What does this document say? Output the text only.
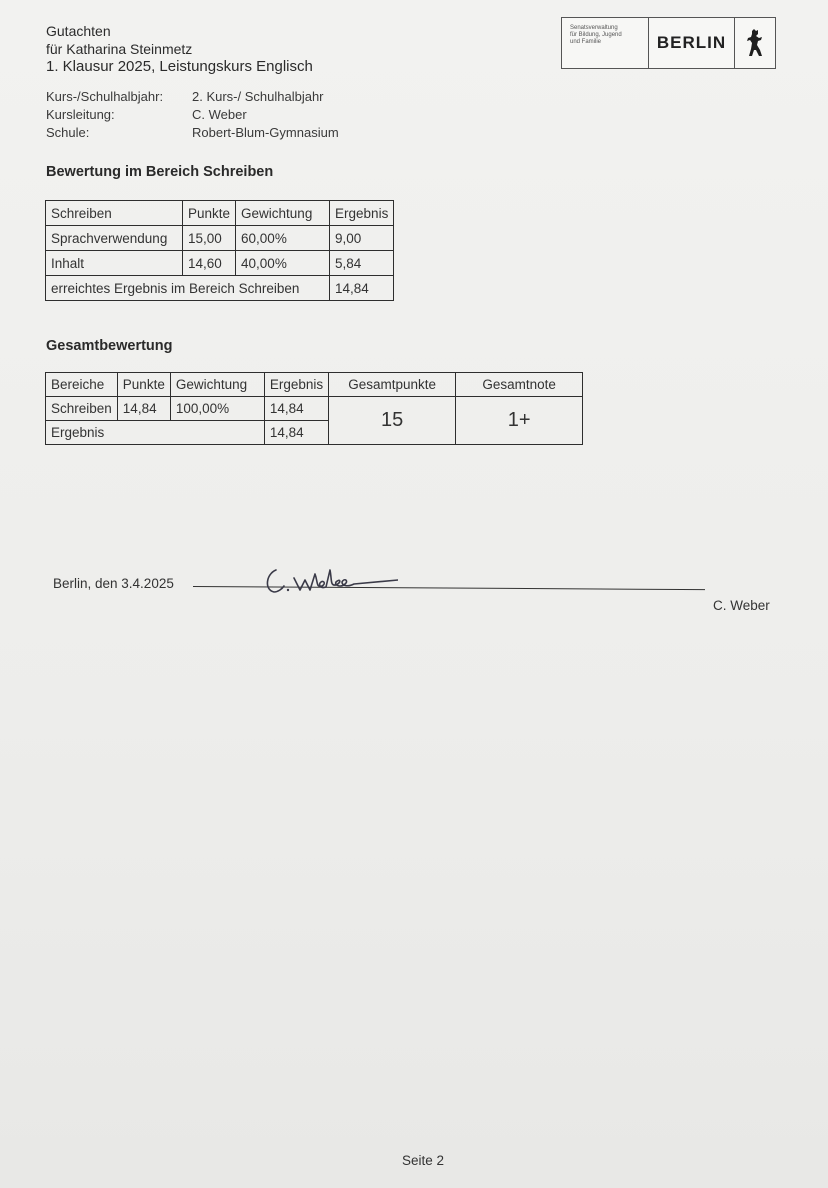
Gutachten
für Katharina Steinmetz
1. Klausur 2025, Leistungskurs Englisch
Kurs-/Schulhalbjahr:	2. Kurs-/ Schulhalbjahr
Kursleitung:	C. Weber
Schule:	Robert-Blum-Gymnasium
Senatsverwaltung
für Bildung, Jugend
und Familie	BERLIN
Bewertung im Bereich Schreiben
Schreiben	Punkte	Gewichtung	Ergebnis
Sprachverwendung	15,00	60,00%	9,00
Inhalt	14,60	40,00%	5,84
erreichtes Ergebnis im Bereich Schreiben			14,84
Gesamtbewertung
Bereiche	Punkte	Gewichtung	Ergebnis	Gesamtpunkte	Gesamtnote
Schreiben	14,84	100,00%	14,84	15	1+
Ergebnis			14,84		
Berlin, den 3.4.2025
C. Weber
Seite 2
